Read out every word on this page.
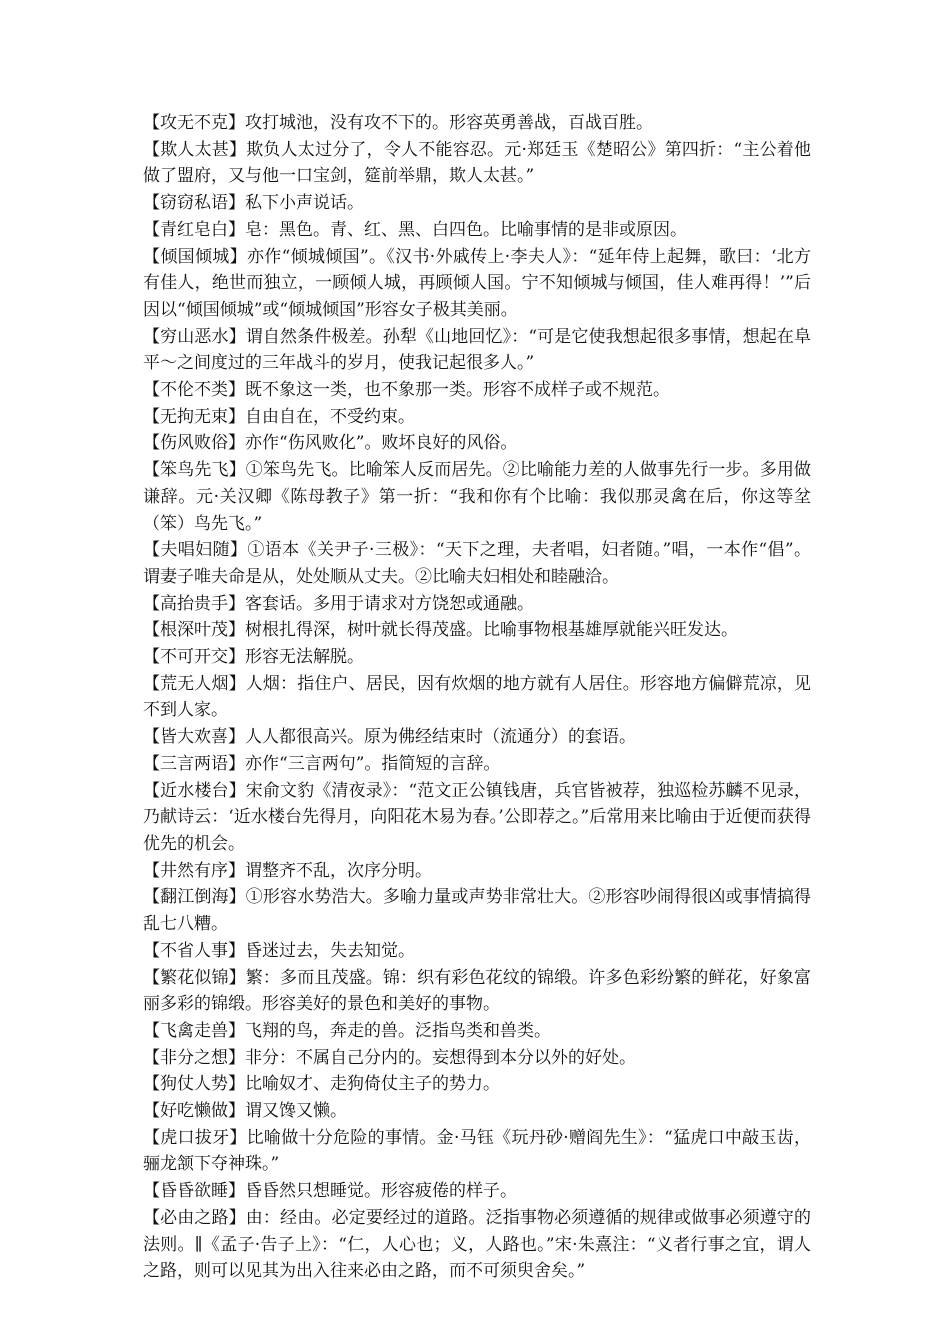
【攻无不克】攻打城池，没有攻不下的。形容英勇善战，百战百胜。

【欺人太甚】欺负人太过分了，令人不能容忍。元·郑廷玉《楚昭公》第四折：“主公着他做了盟府，又与他一口宝剑，筵前举鼎，欺人太甚。”

【窃窃私语】私下小声说话。

【青红皂白】皂：黑色。青、红、黑、白四色。比喻事情的是非或原因。

【倾国倾城】亦作“倾城倾国”。《汉书·外戚传上·李夫人》：“延年侍上起舞，歌曰：‘北方有佳人，绝世而独立，一顾倾人城，再顾倾人国。宁不知倾城与倾国，佳人难再得！’”后因以“倾国倾城”或“倾城倾国”形容女子极其美丽。

【穷山恶水】谓自然条件极差。孙犁《山地回忆》：“可是它使我想起很多事情，想起在阜平～之间度过的三年战斗的岁月，使我记起很多人。”

【不伦不类】既不象这一类，也不象那一类。形容不成样子或不规范。

【无拘无束】自由自在，不受约束。

【伤风败俗】亦作“伤风败化”。败坏良好的风俗。

【笨鸟先飞】①笨鸟先飞。比喻笨人反而居先。②比喻能力差的人做事先行一步。多用做谦辞。元·关汉卿《陈母教子》第一折：“我和你有个比喻：我似那灵禽在后，你这等坌（笨）鸟先飞。”

【夫唱妇随】①语本《关尹子·三极》：“天下之理，夫者唱，妇者随。”唱，一本作“倡”。谓妻子唯夫命是从，处处顺从丈夫。②比喻夫妇相处和睦融洽。

【高抬贵手】客套话。多用于请求对方饶恕或通融。

【根深叶茂】树根扎得深，树叶就长得茂盛。比喻事物根基雄厚就能兴旺发达。

【不可开交】形容无法解脱。

【荒无人烟】人烟：指住户、居民，因有炊烟的地方就有人居住。形容地方偏僻荒凉，见不到人家。

【皆大欢喜】人人都很高兴。原为佛经结束时（流通分）的套语。

【三言两语】亦作“三言两句”。指简短的言辞。

【近水楼台】宋俞文豹《清夜录》：“范文正公镇钱唐，兵官皆被荐，独巡检苏麟不见录，乃献诗云：‘近水楼台先得月，向阳花木易为春。’公即荐之。”后常用来比喻由于近便而获得优先的机会。

【井然有序】谓整齐不乱，次序分明。

【翻江倒海】①形容水势浩大。多喻力量或声势非常壮大。②形容吵闹得很凶或事情搞得乱七八糟。

【不省人事】昏迷过去，失去知觉。

【繁花似锦】繁：多而且茂盛。锦：织有彩色花纹的锦缎。许多色彩纷繁的鲜花，好象富丽多彩的锦缎。形容美好的景色和美好的事物。

【飞禽走兽】飞翔的鸟，奔走的兽。泛指鸟类和兽类。

【非分之想】非分：不属自己分内的。妄想得到本分以外的好处。

【狗仗人势】比喻奴才、走狗倚仗主子的势力。

【好吃懒做】谓又馋又懒。

【虎口拔牙】比喻做十分危险的事情。金·马钰《玩丹砂·赠阎先生》：“猛虎口中敲玉齿，骊龙颔下夺神珠。”

【昏昏欲睡】昏昏然只想睡觉。形容疲倦的样子。

【必由之路】由：经由。必定要经过的道路。泛指事物必须遵循的规律或做事必须遵守的法则。∥《孟子·告子上》：“仁，人心也；义，人路也。”宋·朱熹注：“义者行事之宜，谓人之路，则可以见其为出入往来必由之路，而不可须臾舍矣。”
